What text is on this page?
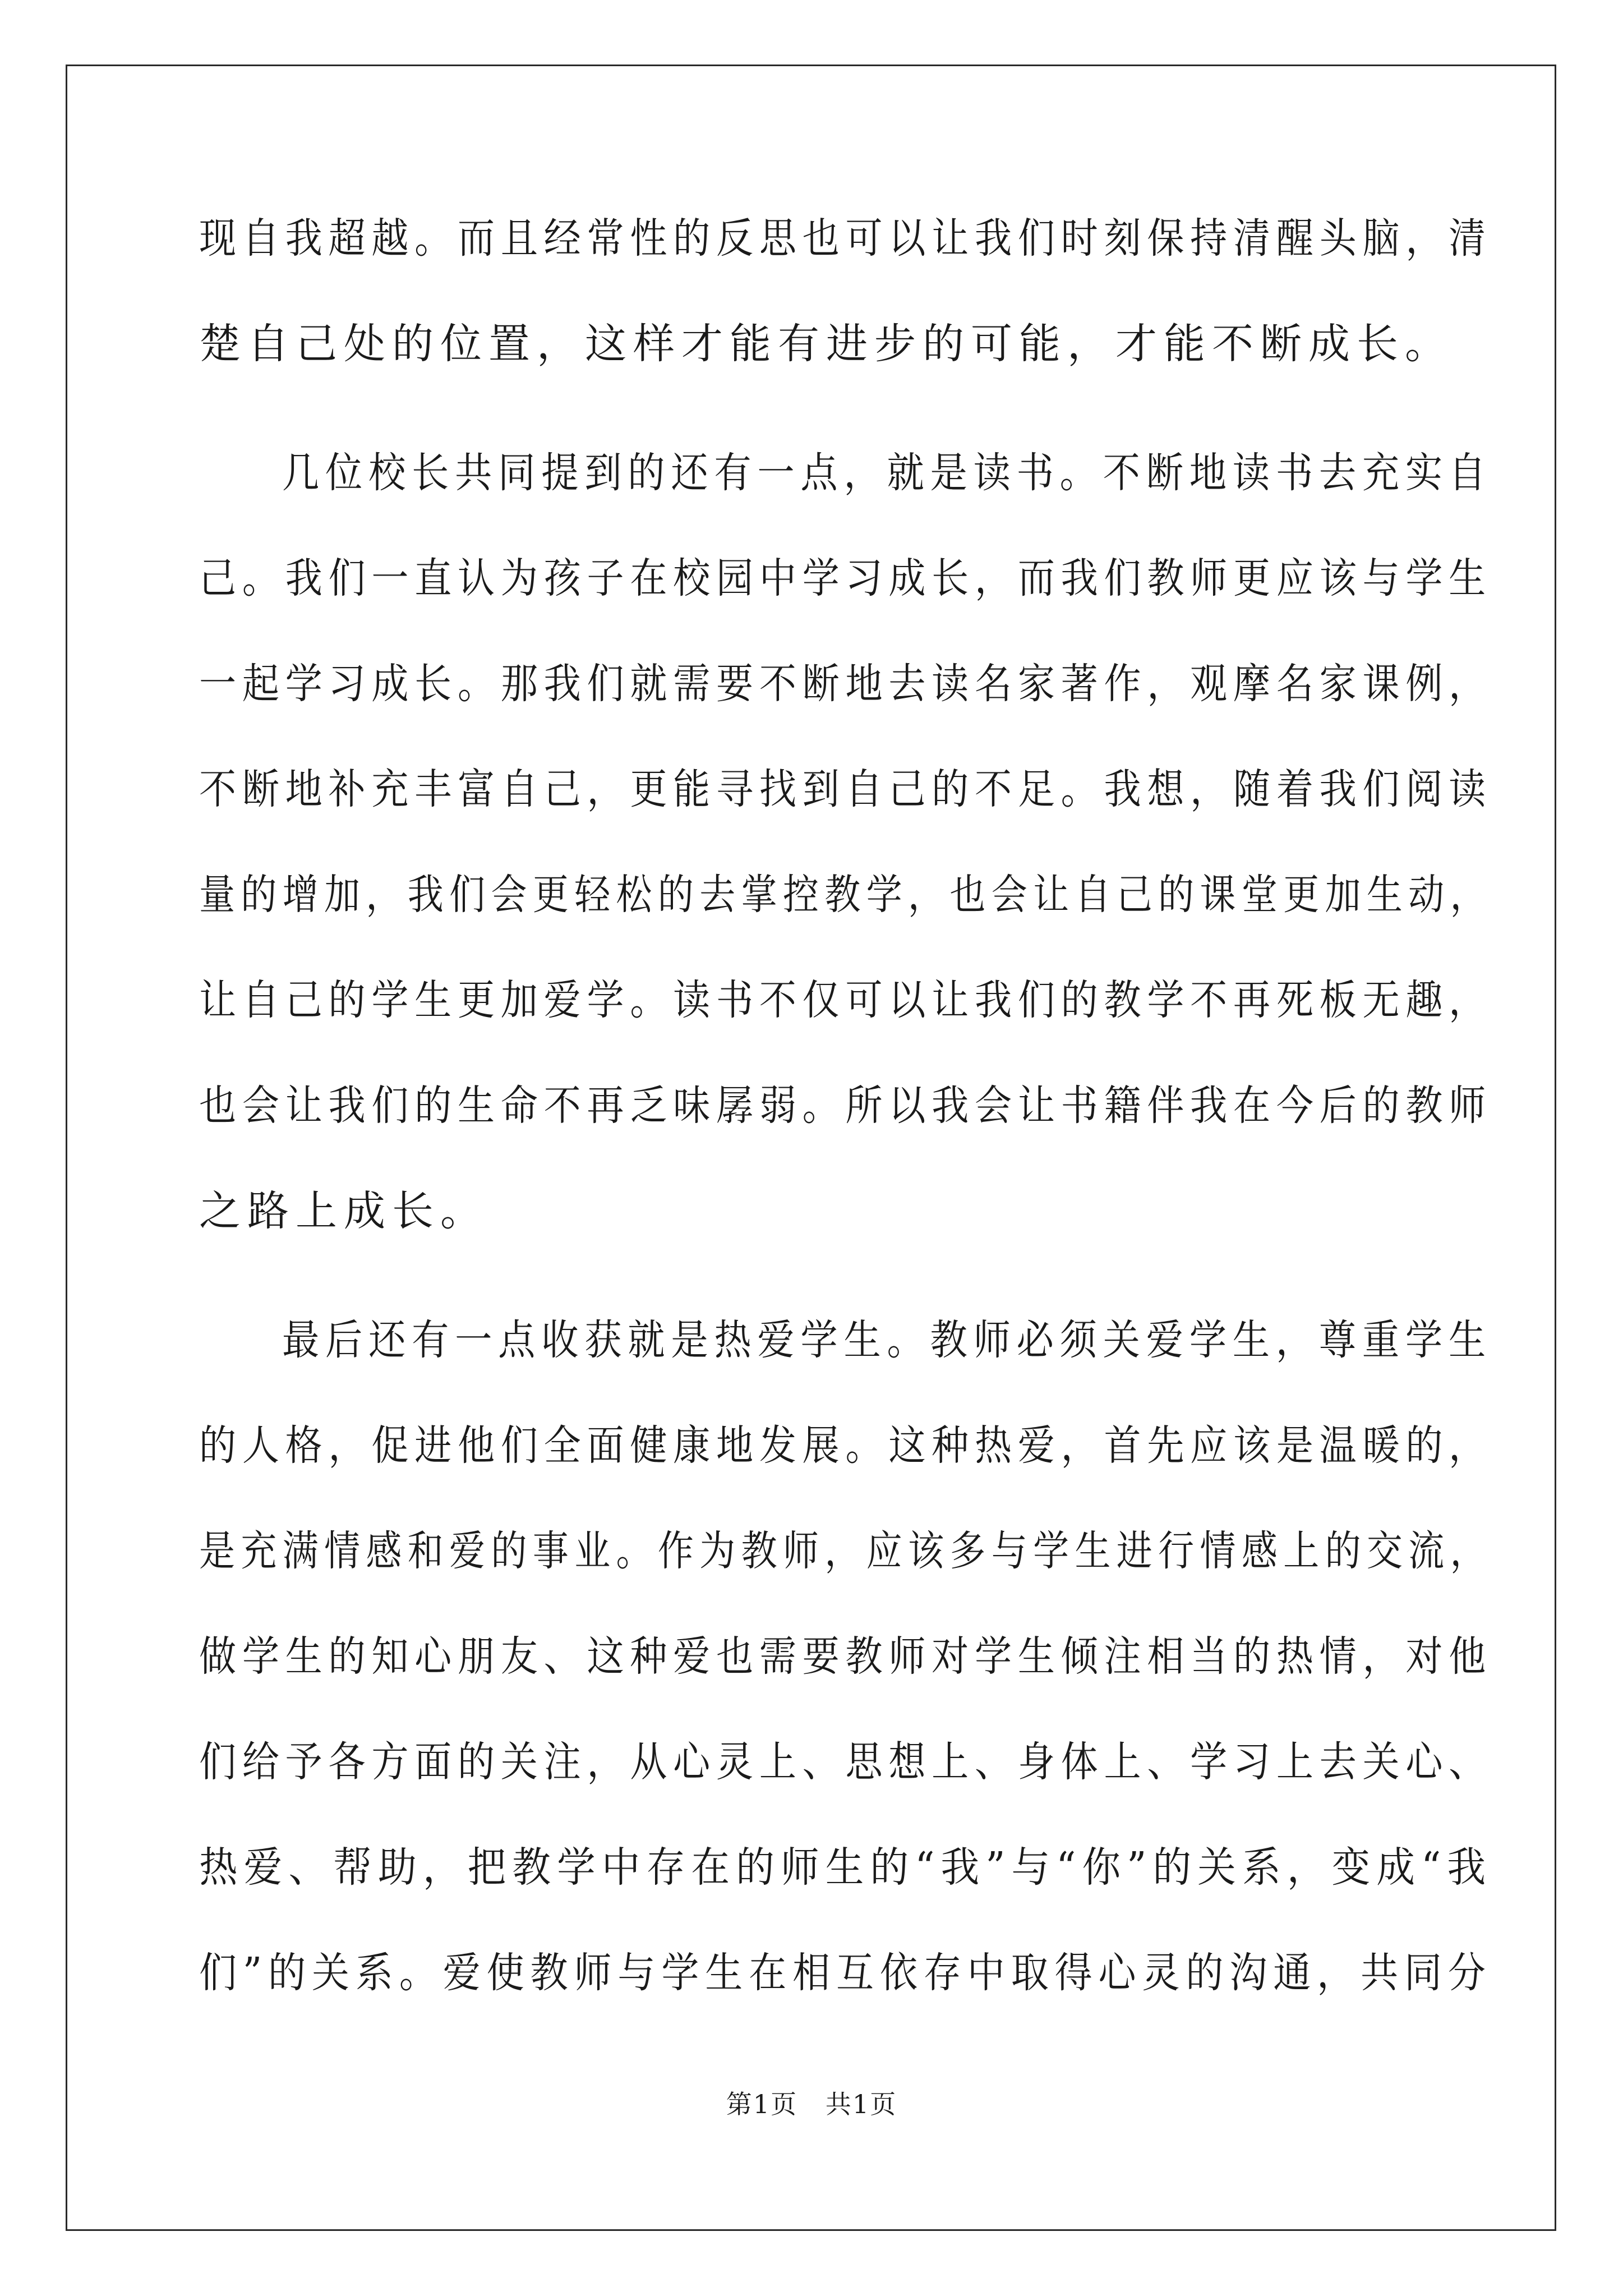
现自我超越。而且经常性的反思也可以让我们时刻保持清醒头脑，清
楚自己处的位置，这样才能有进步的可能，才能不断成长。
几位校长共同提到的还有一点，就是读书。不断地读书去充实自
己。我们一直认为孩子在校园中学习成长，而我们教师更应该与学生
一起学习成长。那我们就需要不断地去读名家著作，观摩名家课例，
不断地补充丰富自己，更能寻找到自己的不足。我想，随着我们阅读
量的增加，我们会更轻松的去掌控教学，也会让自己的课堂更加生动，
让自己的学生更加爱学。读书不仅可以让我们的教学不再死板无趣，
也会让我们的生命不再乏味孱弱。所以我会让书籍伴我在今后的教师
之路上成长。
最后还有一点收获就是热爱学生。教师必须关爱学生，尊重学生
的人格，促进他们全面健康地发展。这种热爱，首先应该是温暖的，
是充满情感和爱的事业。作为教师，应该多与学生进行情感上的交流，
做学生的知心朋友、这种爱也需要教师对学生倾注相当的热情，对他
们给予各方面的关注，从心灵上、思想上、身体上、学习上去关心、
热爱、帮助，把教学中存在的师生的“我”与“你”的关系，变成“我
们”的关系。爱使教师与学生在相互依存中取得心灵的沟通，共同分
第1页   共1页
